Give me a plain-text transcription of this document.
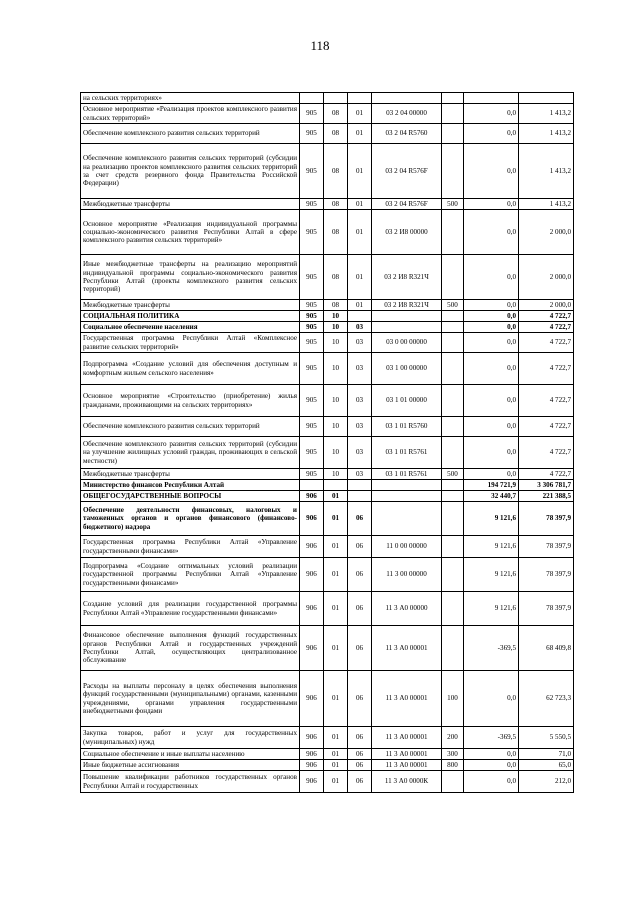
118
на сельских территориях»							
Основное мероприятие «Реализация проектов комплексного развития сельских территорий»	905	08	01	03 2 04 00000		0,0	1 413,2
Обеспечение комплексного развития сельских территорий	905	08	01	03 2 04 R5760		0,0	1 413,2
Обеспечение комплексного развития сельских территорий (субсидии на реализацию проектов комплексного развития сельских территорий за счет средств резервного фонда Правительства Российской Федерации)	905	08	01	03 2 04 R576F		0,0	1 413,2
Межбюджетные трансферты	905	08	01	03 2 04 R576F	500	0,0	1 413,2
Основное мероприятие «Реализация индивидуальной программы социально-экономического развития Республики Алтай в сфере комплексного развития сельских территорий»	905	08	01	03 2 И8 00000		0,0	2 000,0
Иные межбюджетные трансферты на реализацию мероприятий индивидуальной программы социально-экономического развития Республики Алтай (проекты комплексного развития сельских территорий)	905	08	01	03 2 И8 R321Ч		0,0	2 000,0
Межбюджетные трансферты	905	08	01	03 2 И8 R321Ч	500	0,0	2 000,0
СОЦИАЛЬНАЯ ПОЛИТИКА	905	10				0,0	4 722,7
Социальное обеспечение населения	905	10	03			0,0	4 722,7
Государственная программа Республики Алтай «Комплексное развитие сельских территорий»	905	10	03	03 0 00 00000		0,0	4 722,7
Подпрограмма «Создание условий для обеспечения доступным и комфортным жильем сельского населения»	905	10	03	03 1 00 00000		0,0	4 722,7
Основное мероприятие «Строительство (приобретение) жилья гражданами, проживающими на сельских территориях»	905	10	03	03 1 01 00000		0,0	4 722,7
Обеспечение комплексного развития сельских территорий	905	10	03	03 1 01 R5760		0,0	4 722,7
Обеспечение комплексного развития сельских территорий (субсидии на улучшение жилищных условий граждан, проживающих в сельской местности)	905	10	03	03 1 01 R5761		0,0	4 722,7
Межбюджетные трансферты	905	10	03	03 1 01 R5761	500	0,0	4 722,7
Министерство финансов Республики Алтай						194 721,9	3 306 781,7
ОБЩЕГОСУДАРСТВЕННЫЕ ВОПРОСЫ	906	01				32 440,7	221 388,5
Обеспечение деятельности финансовых, налоговых и таможенных органов и органов финансового (финансово-бюджетного) надзора	906	01	06			9 121,6	78 397,9
Государственная программа Республики Алтай «Управление государственными финансами»	906	01	06	11 0 00 00000		9 121,6	78 397,9
Подпрограмма «Создание оптимальных условий реализации государственной программы Республики Алтай «Управление государственными финансами»	906	01	06	11 3 00 00000		9 121,6	78 397,9
Создание условий для реализации государственной программы Республики Алтай «Управление государственными финансами»	906	01	06	11 3 А0 00000		9 121,6	78 397,9
Финансовое обеспечение выполнения функций государственных органов Республики Алтай и государственных учреждений Республики Алтай, осуществляющих централизованное обслуживание	906	01	06	11 3 А0 00001		-369,5	68 409,8
Расходы на выплаты персоналу в целях обеспечения выполнения функций государственными (муниципальными) органами, казенными учреждениями, органами управления государственными внебюджетными фондами	906	01	06	11 3 А0 00001	100	0,0	62 723,3
Закупка товаров, работ и услуг для государственных (муниципальных) нужд	906	01	06	11 3 А0 00001	200	-369,5	5 550,5
Социальное обеспечение и иные выплаты населению	906	01	06	11 3 А0 00001	300	0,0	71,0
Иные бюджетные ассигнования	906	01	06	11 3 А0 00001	800	0,0	65,0
Повышение квалификации работников государственных органов Республики Алтай и государственных	906	01	06	11 3 А0 0000К		0,0	212,0
